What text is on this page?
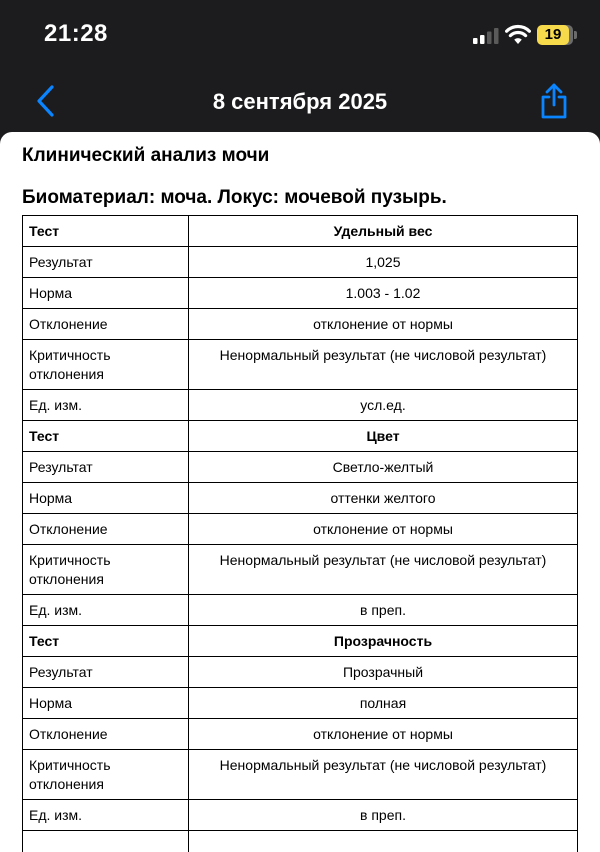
21:28	19
8 сентября 2025
Клинический анализ мочи
Биоматериал: моча. Локус: мочевой пузырь.
Тест	Удельный вес
Результат	1,025
Норма	1.003 - 1.02
Отклонение	отклонение от нормы
Критичность отклонения	Ненормальный результат (не числовой результат)
Ед. изм.	усл.ед.
Тест	Цвет
Результат	Светло-желтый
Норма	оттенки желтого
Отклонение	отклонение от нормы
Критичность отклонения	Ненормальный результат (не числовой результат)
Ед. изм.	в преп.
Тест	Прозрачность
Результат	Прозрачный
Норма	полная
Отклонение	отклонение от нормы
Критичность отклонения	Ненормальный результат (не числовой результат)
Ед. изм.	в преп.
